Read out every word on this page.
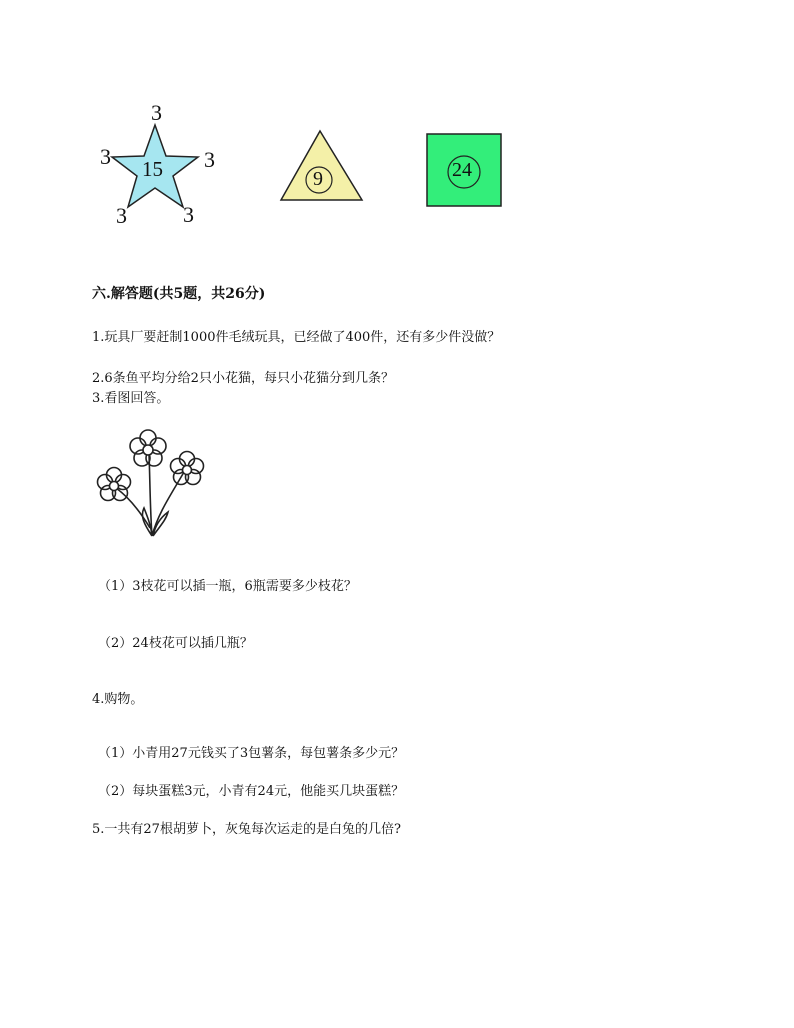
15
3
3	3
3	3
9	24
六.解答题(共5题，共26分)
1.玩具厂要赶制1000件毛绒玩具，已经做了400件，还有多少件没做？
2.6条鱼平均分给2只小花猫，每只小花猫分到几条？
3.看图回答。
（1）3枝花可以插一瓶，6瓶需要多少枝花？
（2）24枝花可以插几瓶？
4.购物。
（1）小青用27元钱买了3包薯条，每包薯条多少元？
（2）每块蛋糕3元，小青有24元，他能买几块蛋糕？
5.一共有27根胡萝卜，灰兔每次运走的是白兔的几倍?
